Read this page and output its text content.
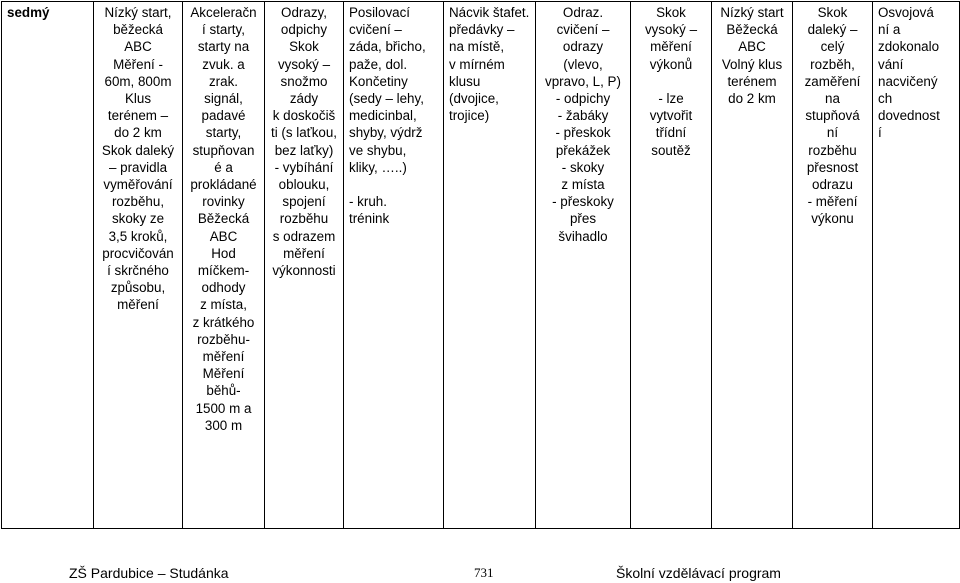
sedmý	Nízký start,
běžecká
ABC
Měření -
60m, 800m
Klus
terénem –
do 2 km
Skok daleký
– pravidla
vyměřování
rozběhu,
skoky ze
3,5 kroků,
procvičován
í skrčného
způsobu,
měření	Akceleračn
í starty,
starty na
zvuk. a
zrak.
signál,
padavé
starty,
stupňovan
é a
prokládané
rovinky
Běžecká
ABC
Hod
míčkem-
odhody
z místa,
z krátkého
rozběhu-
měření
Měření
běhů-
1500 m a
300 m	Odrazy,
odpichy
Skok
vysoký –
snožmo
zády
k doskočiš
ti (s laťkou,
bez laťky)
- vybíhání
oblouku,
spojení
rozběhu
s odrazem
měření
výkonnosti	Posilovací
cvičení –
záda, břicho,
paže, dol.
Končetiny
(sedy – lehy,
medicinbal,
shyby, výdrž
ve shybu,
kliky, …..)

- kruh.
trénink	Nácvik štafet.
předávky –
na místě,
v mírném
klusu
(dvojice,
trojice)	Odraz.
cvičení –
odrazy
(vlevo,
vpravo, L, P)
- odpichy
- žabáky
- přeskok
překážek
- skoky
z místa
- přeskoky
přes
švihadlo	Skok
vysoký –
měření
výkonů

- lze
vytvořit
třídní
soutěž	Nízký start
Běžecká
ABC
Volný klus
terénem
do 2 km	Skok
daleký –
celý
rozběh,
zaměření
na
stupňová
ní
rozběhu
přesnost
odrazu
- měření
výkonu	Osvojová
ní a
zdokonalo
vání
nacvičený
ch
dovednost
í
ZŠ Pardubice – Studánka	731	Školní vzdělávací program
